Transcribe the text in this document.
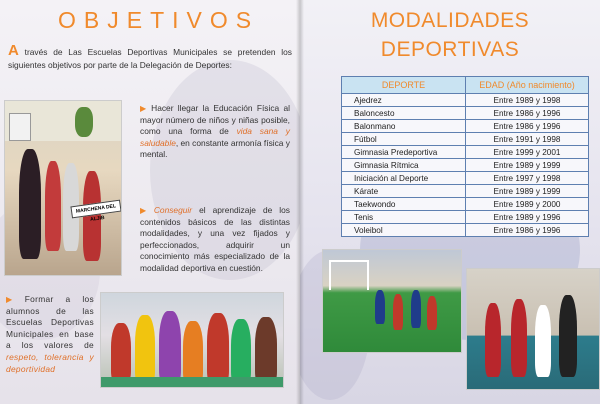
OBJETIVOS

A través de Las Escuelas Deportivas Municipales se pretenden los siguientes objetivos por parte de la Delegación de Deportes:

MARCHENA DEL ALJIB
▶ Hacer llegar la Educación Física al mayor número de niños y niñas posible, como una forma de vida sana y saludable, en constante armonía física y mental.
▶ Conseguir el aprendizaje de los contenidos básicos de las distintas modalidades, y una vez fijados y perfeccionados, adquirir un conocimiento más especializado de la modalidad deportiva en cuestión.
▶ Formar a los alumnos de las Escuelas Deportivas Municipales en base a los valores de respeto, tolerancia y deportividad
MODALIDADES DEPORTIVAS
DEPORTE	EDAD (Año nacimiento)
Ajedrez	Entre 1989 y 1998
Baloncesto	Entre 1986 y 1996
Balonmano	Entre 1986 y 1996
Fútbol	Entre 1991 y 1998
Gimnasia Predeportiva	Entre 1999 y 2001
Gimnasia Rítmica	Entre 1989 y 1999
Iniciación al Deporte	Entre 1997 y 1998
Kárate	Entre 1989 y 1999
Taekwondo	Entre 1989 y 2000
Tenis	Entre 1989 y 1996
Voleibol	Entre 1986 y 1996
